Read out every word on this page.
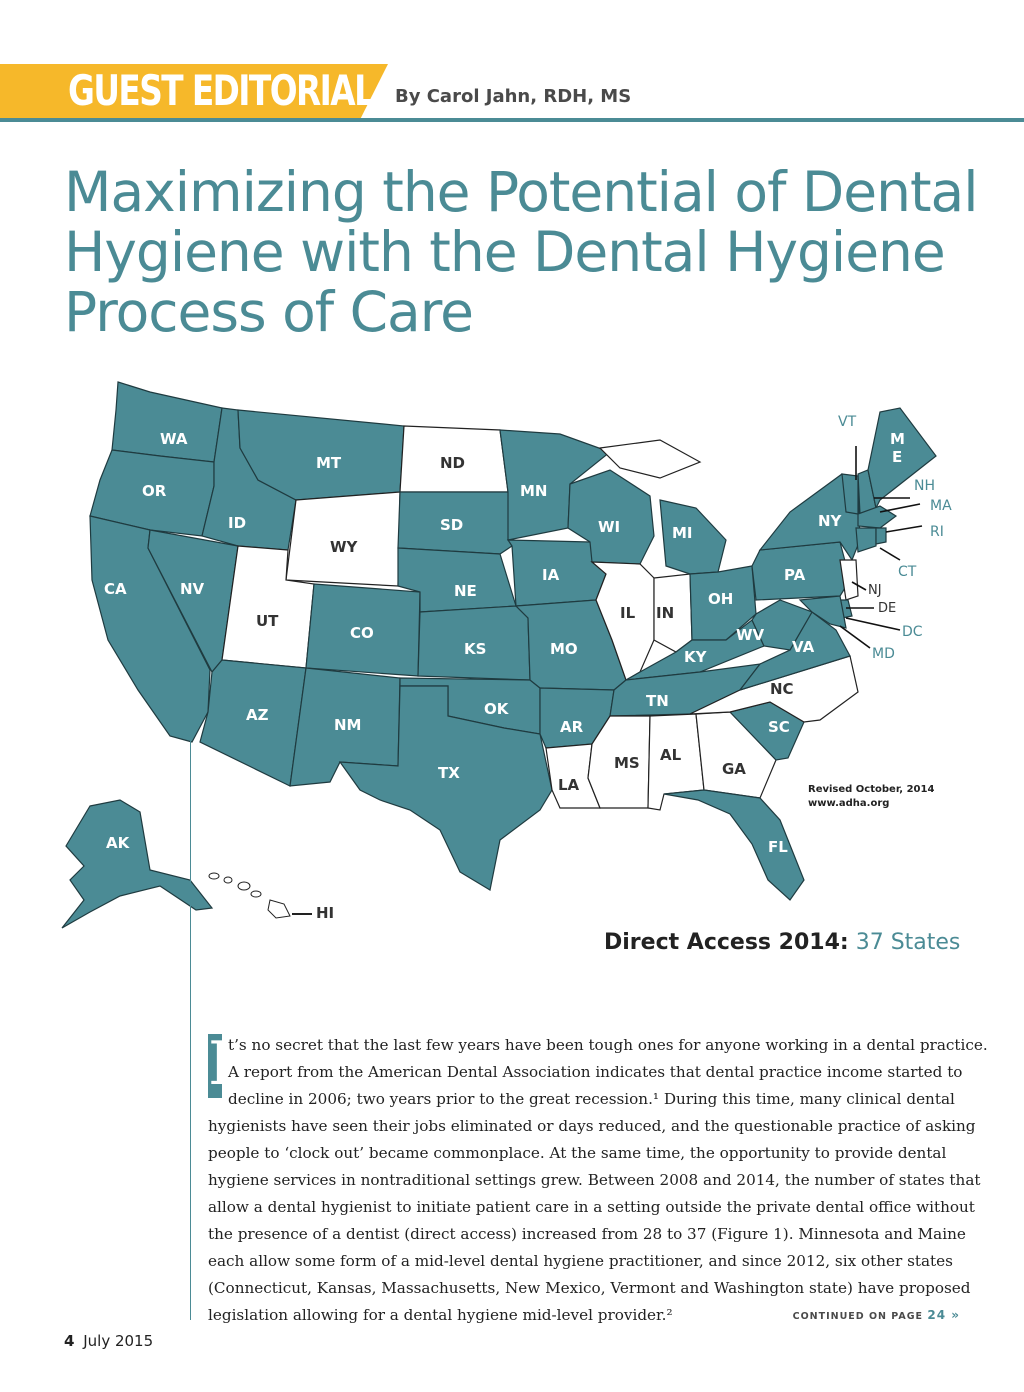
GUEST EDITORIAL By Carol Jahn, RDH, MS
Maximizing the Potential of Dental Hygiene with the Dental Hygiene Process of Care
WA
OR
CA	NV
ID
MT
WY
UT
AZ
CO
NM
ND
SD
NE
KS
OK
TX
MN
IA
MO
AR
LA
WI
IL IN
MI
OH
KY
TN
MS AL
GA
FL
SC
NC
VA
WV
PA
NY
M
E
AK
HI
VT
NH
MA
RI
CT
NJ
DE
DC
MD
Revised October, 2014
www.adha.org
Direct Access 2014: 37 States
I
t’s no secret that the last few years have been tough ones for anyone working in a dental practice.
A report from the American Dental Association indicates that dental practice income started to
decline in 2006; two years prior to the great recession.¹ During this time, many clinical dental
hygienists have seen their jobs eliminated or days reduced, and the questionable practice of asking
people to ‘clock out’ became commonplace. At the same time, the opportunity to provide dental
hygiene services in nontraditional settings grew. Between 2008 and 2014, the number of states that
allow a dental hygienist to initiate patient care in a setting outside the private dental office without
the presence of a dentist (direct access) increased from 28 to 37 (Figure 1). Minnesota and Maine
each allow some form of a mid-level dental hygiene practitioner, and since 2012, six other states
(Connecticut, Kansas, Massachusetts, New Mexico, Vermont and Washington state) have proposed
legislation allowing for a dental hygiene mid-level provider.²	CONTINUED ON PAGE 24 »
4 July 2015
